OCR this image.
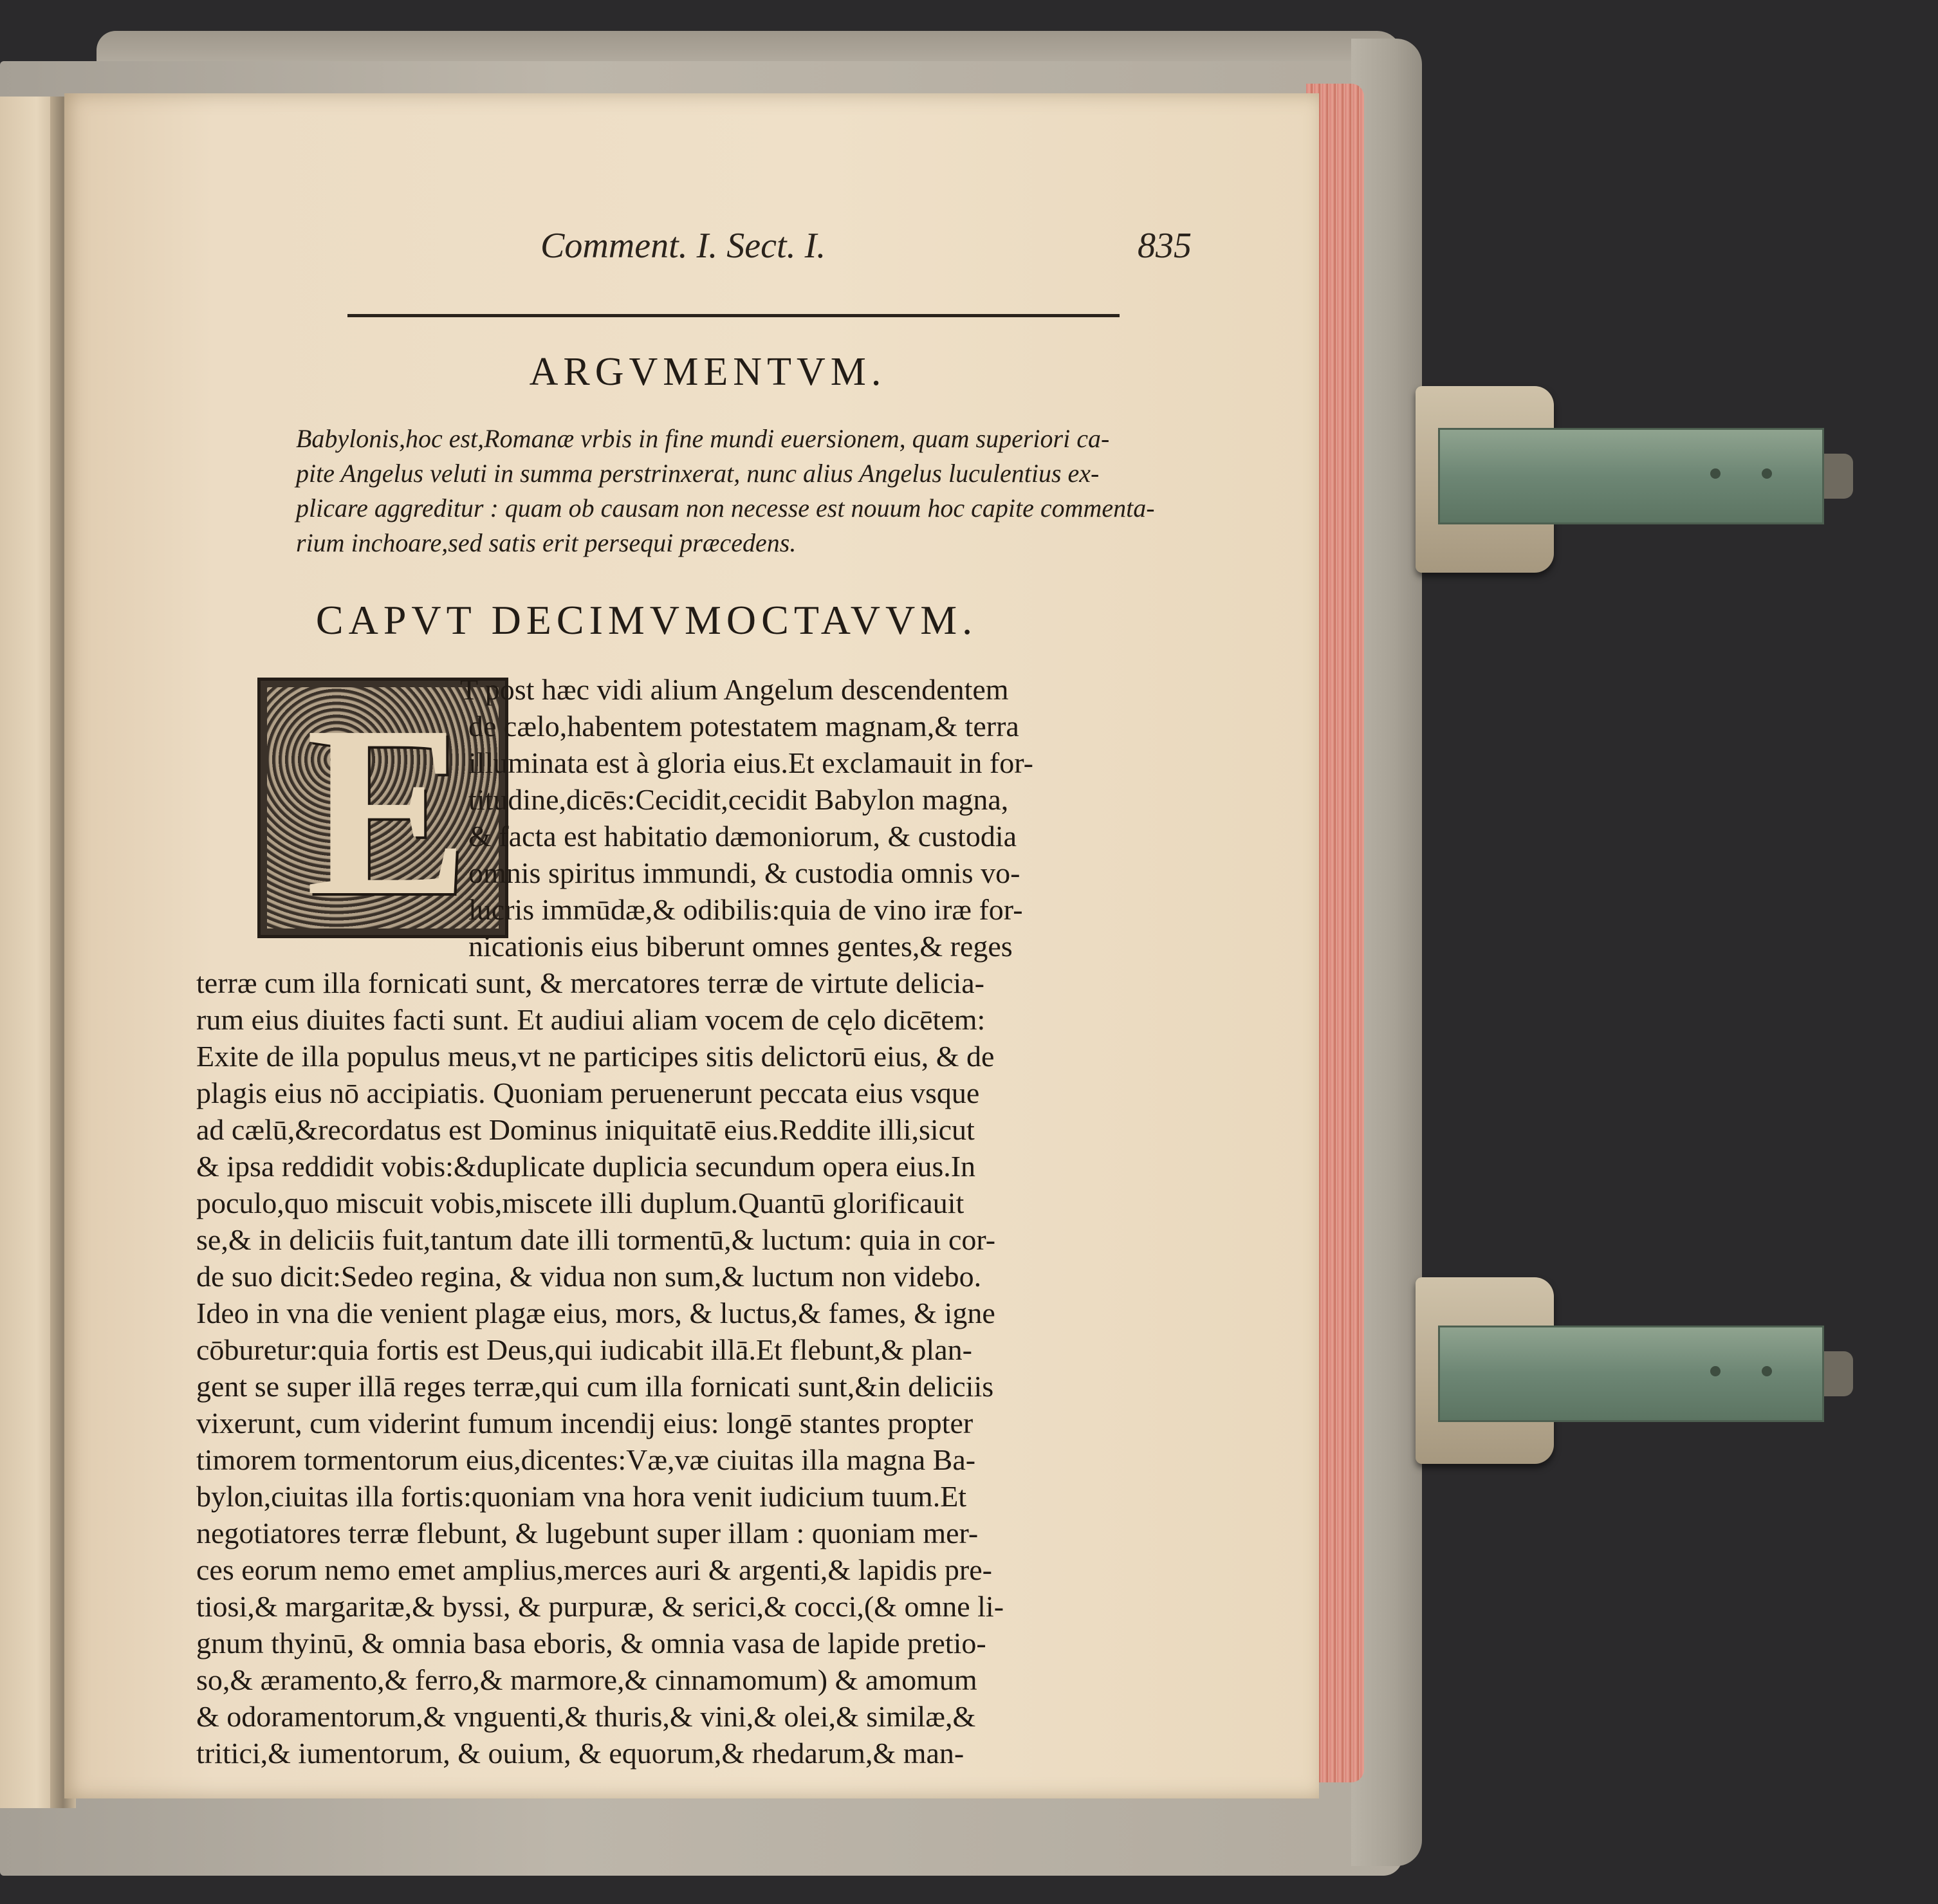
Comment. I. Sect. I.	835
ARGVMENTVM.
Babylonis,hoc est,Romanæ vrbis in fine mundi euersionem, quam superiori ca-
pite Angelus veluti in summa perstrinxerat, nunc alius Angelus luculentius ex-
plicare aggreditur : quam ob causam non necesse est nouum hoc capite commenta-
rium inchoare,sed satis erit persequi præcedens.
CAPVT DECIMVMOCTAVVM.
E
T post hæc vidi alium Angelum descendentem
de cælo,habentem potestatem magnam,& terra
illuminata est à gloria eius.Et exclamauit in for-
titudine,dicēs:Cecidit,cecidit Babylon magna,
& facta est habitatio dæmoniorum, & custodia
omnis spiritus immundi, & custodia omnis vo-
lucris immūdæ,& odibilis:quia de vino iræ for-
nicationis eius biberunt omnes gentes,& reges
terræ cum illa fornicati sunt, & mercatores terræ de virtute delicia-
rum eius diuites facti sunt. Et audiui aliam vocem de cęlo dicētem:
Exite de illa populus meus,vt ne participes sitis delictorū eius, & de
plagis eius nō accipiatis. Quoniam peruenerunt peccata eius vsque
ad cælū,&recordatus est Dominus iniquitatē eius.Reddite illi,sicut
& ipsa reddidit vobis:&duplicate duplicia secundum opera eius.In
poculo,quo miscuit vobis,miscete illi duplum.Quantū glorificauit
se,& in deliciis fuit,tantum date illi tormentū,& luctum: quia in cor-
de suo dicit:Sedeo regina, & vidua non sum,& luctum non videbo.
Ideo in vna die venient plagæ eius, mors, & luctus,& fames, & igne
cōburetur:quia fortis est Deus,qui iudicabit illā.Et flebunt,& plan-
gent se super illā reges terræ,qui cum illa fornicati sunt,&in deliciis
vixerunt, cum viderint fumum incendij eius: longē stantes propter
timorem tormentorum eius,dicentes:Væ,væ ciuitas illa magna Ba-
bylon,ciuitas illa fortis:quoniam vna hora venit iudicium tuum.Et
negotiatores terræ flebunt, & lugebunt super illam : quoniam mer-
ces eorum nemo emet amplius,merces auri & argenti,& lapidis pre-
tiosi,& margaritæ,& byssi, & purpuræ, & serici,& cocci,(& omne li-
gnum thyinū, & omnia basa eboris, & omnia vasa de lapide pretio-
so,& æramento,& ferro,& marmore,& cinnamomum) & amomum
& odoramentorum,& vnguenti,& thuris,& vini,& olei,& similæ,&
tritici,& iumentorum, & ouium, & equorum,& rhedarum,& man-
